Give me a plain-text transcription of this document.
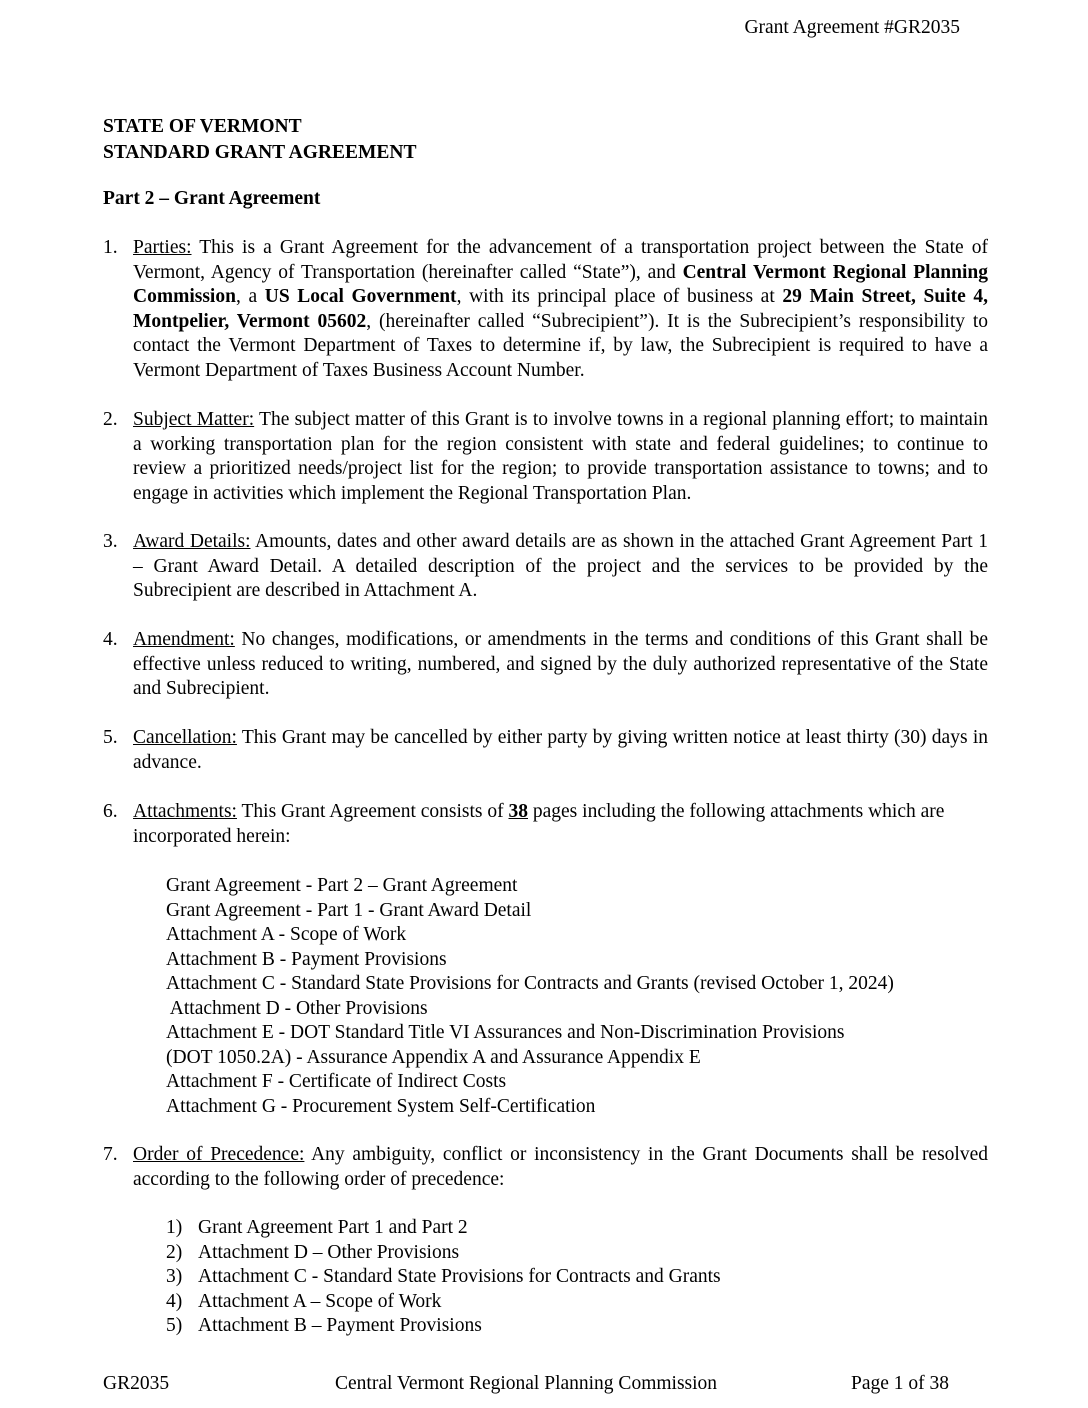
Grant Agreement #GR2035
STATE OF VERMONT
STANDARD GRANT AGREEMENT
Part 2 – Grant Agreement
1. Parties: This is a Grant Agreement for the advancement of a transportation project between the State of Vermont, Agency of Transportation (hereinafter called “State”), and Central Vermont Regional Planning Commission, a US Local Government, with its principal place of business at 29 Main Street, Suite 4, Montpelier, Vermont 05602, (hereinafter called “Subrecipient”). It is the Subrecipient’s responsibility to contact the Vermont Department of Taxes to determine if, by law, the Subrecipient is required to have a Vermont Department of Taxes Business Account Number.
2. Subject Matter: The subject matter of this Grant is to involve towns in a regional planning effort; to maintain a working transportation plan for the region consistent with state and federal guidelines; to continue to review a prioritized needs/project list for the region; to provide transportation assistance to towns; and to engage in activities which implement the Regional Transportation Plan.
3. Award Details: Amounts, dates and other award details are as shown in the attached Grant Agreement Part 1 – Grant Award Detail. A detailed description of the project and the services to be provided by the Subrecipient are described in Attachment A.
4. Amendment: No changes, modifications, or amendments in the terms and conditions of this Grant shall be effective unless reduced to writing, numbered, and signed by the duly authorized representative of the State and Subrecipient.
5. Cancellation: This Grant may be cancelled by either party by giving written notice at least thirty (30) days in advance.
6. Attachments: This Grant Agreement consists of 38 pages including the following attachments which are incorporated herein:
Grant Agreement - Part 2 – Grant Agreement
Grant Agreement - Part 1 - Grant Award Detail
Attachment A - Scope of Work
Attachment B - Payment Provisions
Attachment C - Standard State Provisions for Contracts and Grants (revised October 1, 2024)
Attachment D - Other Provisions
Attachment E - DOT Standard Title VI Assurances and Non-Discrimination Provisions
(DOT 1050.2A) - Assurance Appendix A and Assurance Appendix E
Attachment F - Certificate of Indirect Costs
Attachment G - Procurement System Self-Certification
7. Order of Precedence: Any ambiguity, conflict or inconsistency in the Grant Documents shall be resolved according to the following order of precedence:
1) Grant Agreement Part 1 and Part 2
2) Attachment D – Other Provisions
3) Attachment C - Standard State Provisions for Contracts and Grants
4) Attachment A – Scope of Work
5) Attachment B – Payment Provisions
GR2035	Central Vermont Regional Planning Commission	Page 1 of 38
